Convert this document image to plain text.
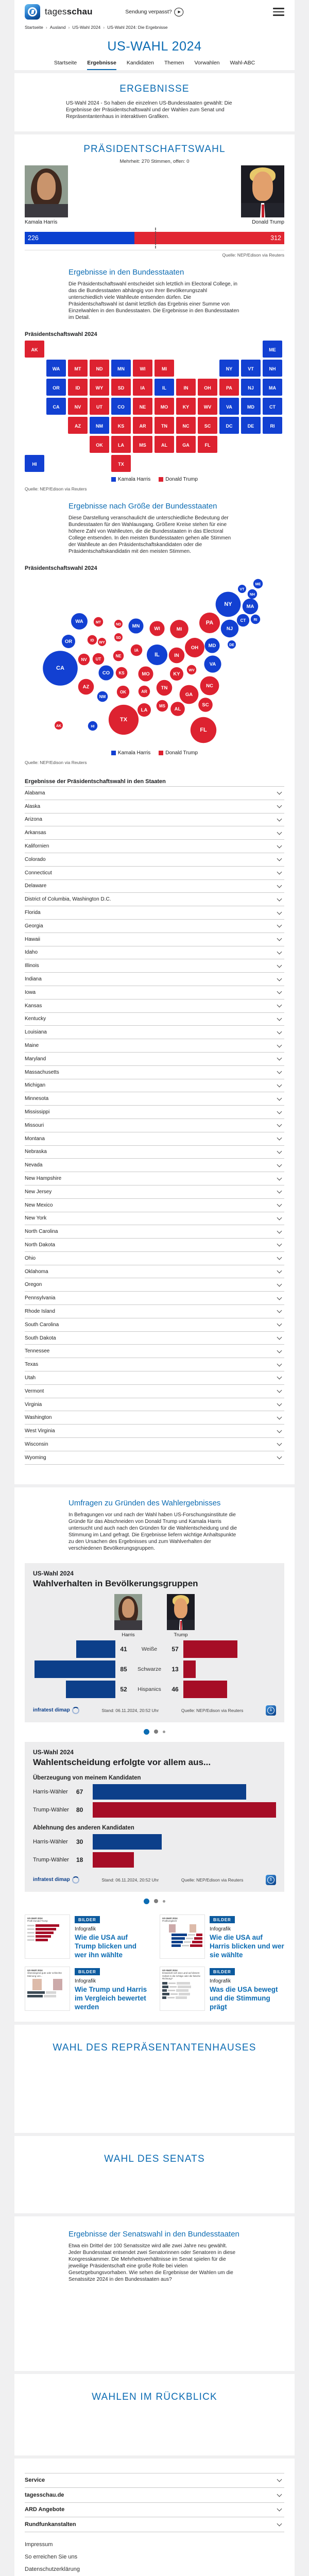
tagesschau	Sendung verpasst?	▶
Startseite › Ausland › US-Wahl 2024 › US-Wahl 2024: Die Ergebnisse
US-WAHL 2024
Startseite Ergebnisse Kandidaten Themen Vorwahlen Wahl-ABC
ERGEBNISSE

US-Wahl 2024 - So haben die einzelnen US-Bundesstaaten gewählt: Die Ergebnisse der Präsidentschaftswahl und der Wahlen zum Senat und Repräsentantenhaus in interaktiven Grafiken.

PRÄSIDENTSCHAFTSWAHL
Mehrheit: 270 Stimmen, offen: 0
Kamala Harris	Donald Trump
226	312
Quelle: NEP/Edison via Reuters
Ergebnisse in den Bundesstaaten

Die Präsidentschaftswahl entscheidet sich letztlich im Electoral College, in das die Bundesstaaten abhängig von ihrer Bevölkerungszahl unterschiedlich viele Wahlleute entsenden dürfen. Die Präsidentschaftswahl ist damit letztlich das Ergebnis einer Summe von Einzelwahlen in den Bundesstaaten. Die Ergebnisse in den Bundesstaaten im Detail.

Präsidentschaftswahl 2024
AK
AL
AR
AZ
CA	CO	CT
DC	DE
FL
GA
HI
IA
ID	IL	IN
KS
KY
LA
MA
MD
ME
MI
MN
MO
MS
MT
NC
ND
NE
NH
NJ
NM
NV
NY
OH
OK
OR	PA
RI
SC
SD
TN
TX
UT	VA
VT
WA	WI
WV
WY
Kamala Harris	Donald Trump
Quelle: NEP/Edison via Reuters
Ergebnisse nach Größe der Bundesstaaten

Diese Darstellung veranschaulicht die unterschiedliche Bedeutung der Bundesstaaten für den Wahlausgang. Größere Kreise stehen für eine höhere Zahl von Wahlleuten, die die Bundesstaaten in das Electoral College entsenden. In den meisten Bundesstaaten gehen alle Stimmen der Wahlleute an den Präsidentschaftskandidaten oder die Präsidentschaftskandidatin mit den meisten Stimmen.

Präsidentschaftswahl 2024
AK
AL
AR
AZ
CA
CO
CT
DE
FL
GA
HI
IA
ID
IL	IN
KS	KY
LA
MA
MD
ME
MI
MN
MO
MS
MT
NC
ND
NE
NH
NJ
NM
NV
NY
OH
OK
OR
PA	RI
SC
SD
TN
TX
UT
VA
VT
WA
WI
WV
WY
Kamala Harris	Donald Trump
Quelle: NEP/Edison via Reuters
Ergebnisse der Präsidentschaftswahl in den Staaten
Alabama
Alaska
Arizona
Arkansas
Kalifornien
Colorado
Connecticut
Delaware
District of Columbia, Washington D.C.
Florida
Georgia
Hawaii
Idaho
Illinois
Indiana
Iowa
Kansas
Kentucky
Louisiana
Maine
Maryland
Massachusetts
Michigan
Minnesota
Mississippi
Missouri
Montana
Nebraska
Nevada
New Hampshire
New Jersey
New Mexico
New York
North Carolina
North Dakota
Ohio
Oklahoma
Oregon
Pennsylvania
Rhode Island
South Carolina
South Dakota
Tennessee
Texas
Utah
Vermont
Virginia
Washington
West Virginia
Wisconsin
Wyoming
Umfragen zu Gründen des Wahlergebnisses

In Befragungen vor und nach der Wahl haben US-Forschungsinstitute die Gründe für das Abschneiden von Donald Trump und Kamala Harris untersucht und auch nach den Gründen für die Wahlentscheidung und die Stimmung im Land gefragt. Die Ergebnisse liefern wichtige Anhaltspunkte zu den Ursachen des Ergebnisses und zum Wahlverhalten der verschiedenen Bevölkerungsgruppen.

US-Wahl 2024
Wahlverhalten in Bevölkerungsgruppen
Harris	Trump
41	Weiße	57
85	Schwarze	13
52	Hispanics	46
infratest dimap	Stand: 06.11.2024, 20:52 Uhr	Quelle: NEP/Edison via Reuters	1
US-Wahl 2024
Wahlentscheidung erfolgte vor allem aus...
Überzeugung von meinem Kandidaten
Harris-Wähler	67
Trump-Wähler	80
Ablehnung des anderen Kandidaten
Harris-Wähler	30
Trump-Wähler	18
infratest dimap	Stand: 06.11.2024, 20:52 Uhr	Quelle: NEP/Edison via Reuters	1
US-Wahl 2024
Profil Donald Trump	BILDER
Infografik
Wie die USA auf Trump blicken und wer ihn wählte
US-Wahl 2024
Profilvergleich	BILDER
Infografik
Wie die USA auf Harris blicken und wer sie wählte
US-Wahl 2024
Überwiegend gute oder schlechte Meinung von...
BILDER
Infografik
Wie Trump und Harris im Vergleich bewertet werden
US-Wahl 2024
Entwickelt sich das Land auf diesem Gebiet in die richtige oder die falsche Richtung?
BILDER
Infografik
Was die USA bewegt und die Stimmung prägt
WAHL DES REPRÄSENTANTENHAUSES
WAHL DES SENATS
Ergebnisse der Senatswahl in den Bundesstaaten

Etwa ein Drittel der 100 Senatssitze wird alle zwei Jahre neu gewählt. Jeder Bundesstaat entsendet zwei Senatorinnen oder Senatoren in diese Kongresskammer. Die Mehrheitsverhältnisse im Senat spielen für die jeweilige Präsidentschaft eine große Rolle bei vielen Gesetzgebungsvorhaben. Wie sehen die Ergebnisse der Wahlen um die Senatssitze 2024 in den Bundesstaaten aus?

WAHLEN IM RÜCKBLICK
Service
tagesschau.de
ARD Angebote
Rundfunkanstalten
Impressum
So erreichen Sie uns
Datenschutzerklärung
